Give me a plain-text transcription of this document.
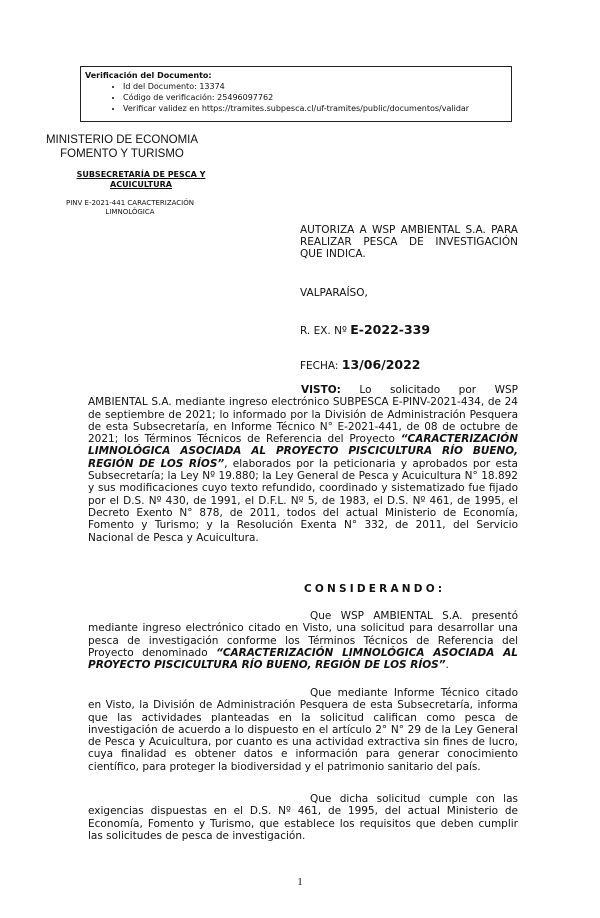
Verificación del Documento:
• Id del Documento: 13374
• Código de verificación: 25496097762
• Verificar validez en https://tramites.subpesca.cl/uf-tramites/public/documentos/validar
MINISTERIO DE ECONOMIA
FOMENTO Y TURISMO
SUBSECRETARÍA DE PESCA Y
ACUICULTURA
PINV E-2021-441 CARACTERIZACIÓN
LIMNOLÓGICA
AUTORIZA A WSP AMBIENTAL S.A. PARA REALIZAR PESCA DE INVESTIGACIÓN QUE INDICA.
VALPARAÍSO,
R. EX. Nº E-2022-339
FECHA: 13/06/2022
VISTO: Lo solicitado por WSP AMBIENTAL S.A. mediante ingreso electrónico SUBPESCA E-PINV-2021-434, de 24 de septiembre de 2021; lo informado por la División de Administración Pesquera de esta Subsecretaría, en Informe Técnico N° E-2021-441, de 08 de octubre de 2021; los Términos Técnicos de Referencia del Proyecto “CARACTERIZACIÓN LIMNOLÓGICA ASOCIADA AL PROYECTO PISCICULTURA RÍO BUENO, REGIÓN DE LOS RÍOS”, elaborados por la peticionaria y aprobados por esta Subsecretaría; la Ley Nº 19.880; la Ley General de Pesca y Acuicultura N° 18.892 y sus modificaciones cuyo texto refundido, coordinado y sistematizado fue fijado por el D.S. Nº 430, de 1991, el D.F.L. Nº 5, de 1983, el D.S. Nº 461, de 1995, el Decreto Exento N° 878, de 2011, todos del actual Ministerio de Economía, Fomento y Turismo; y la Resolución Exenta N° 332, de 2011, del Servicio Nacional de Pesca y Acuicultura.
CONSIDERANDO:
Que WSP AMBIENTAL S.A. presentó mediante ingreso electrónico citado en Visto, una solicitud para desarrollar una pesca de investigación conforme los Términos Técnicos de Referencia del Proyecto denominado “CARACTERIZACIÓN LIMNOLÓGICA ASOCIADA AL PROYECTO PISCICULTURA RÍO BUENO, REGIÓN DE LOS RÍOS”.
Que mediante Informe Técnico citado en Visto, la División de Administración Pesquera de esta Subsecretaría, informa que las actividades planteadas en la solicitud califican como pesca de investigación de acuerdo a lo dispuesto en el artículo 2° N° 29 de la Ley General de Pesca y Acuicultura, por cuanto es una actividad extractiva sin fines de lucro, cuya finalidad es obtener datos e información para generar conocimiento científico, para proteger la biodiversidad y el patrimonio sanitario del país.
Que dicha solicitud cumple con las exigencias dispuestas en el D.S. Nº 461, de 1995, del actual Ministerio de Economía, Fomento y Turismo, que establece los requisitos que deben cumplir las solicitudes de pesca de investigación.
1
